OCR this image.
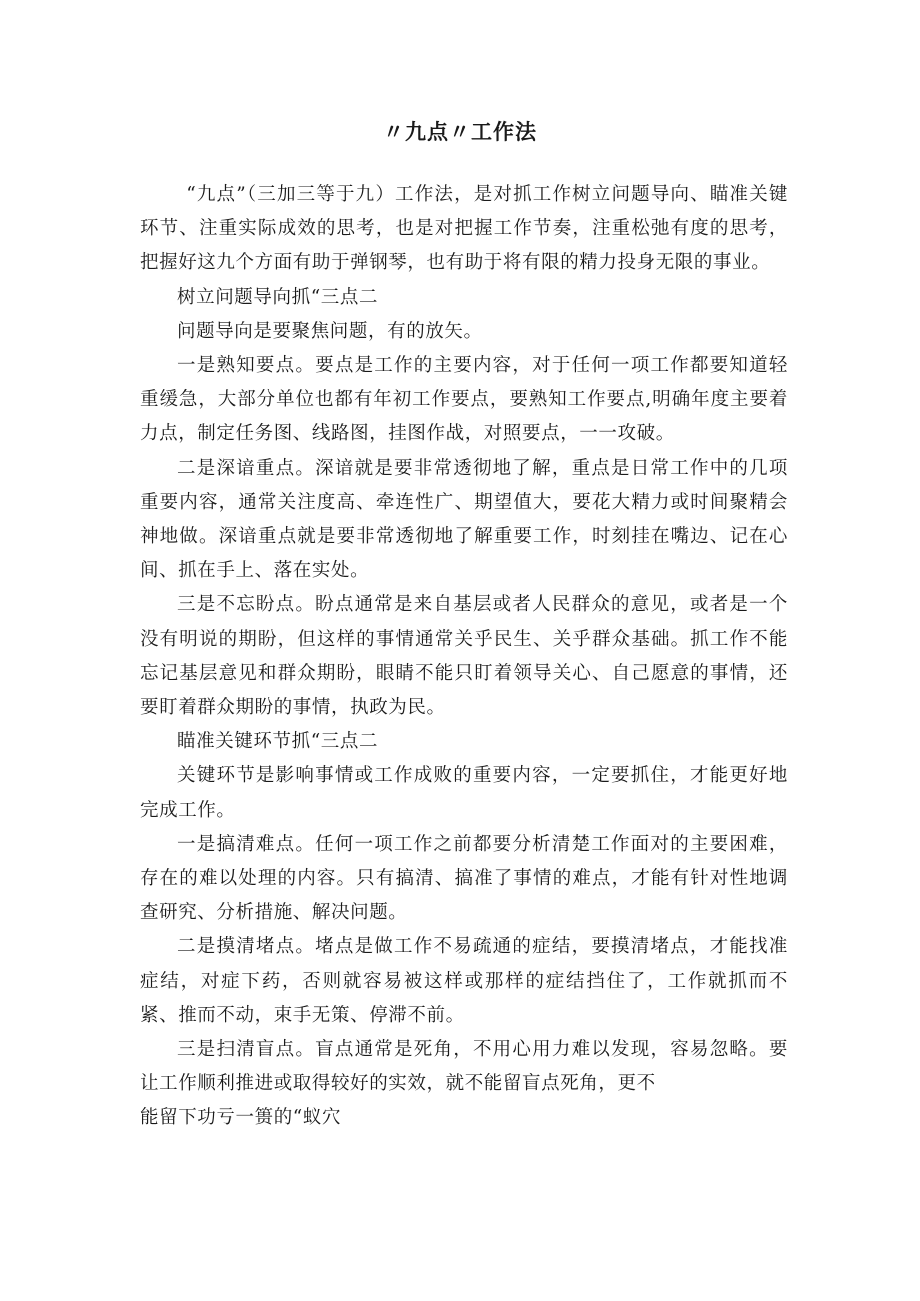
〃九点〃工作法

“九点”（三加三等于九）工作法，是对抓工作树立问题导向、瞄准关键环节、注重实际成效的思考，也是对把握工作节奏，注重松弛有度的思考，把握好这九个方面有助于弹钢琴，也有助于将有限的精力投身无限的事业。

树立问题导向抓“三点二

问题导向是要聚焦问题，有的放矢。

一是熟知要点。要点是工作的主要内容，对于任何一项工作都要知道轻重缓急，大部分单位也都有年初工作要点，要熟知工作要点,明确年度主要着力点，制定任务图、线路图，挂图作战，对照要点，一一攻破。

二是深谙重点。深谙就是要非常透彻地了解，重点是日常工作中的几项重要内容，通常关注度高、牵连性广、期望值大，要花大精力或时间聚精会神地做。深谙重点就是要非常透彻地了解重要工作，时刻挂在嘴边、记在心间、抓在手上、落在实处。

三是不忘盼点。盼点通常是来自基层或者人民群众的意见，或者是一个没有明说的期盼，但这样的事情通常关乎民生、关乎群众基础。抓工作不能忘记基层意见和群众期盼，眼睛不能只盯着领导关心、自己愿意的事情，还要盯着群众期盼的事情，执政为民。

瞄准关键环节抓“三点二

关键环节是影响事情或工作成败的重要内容，一定要抓住，才能更好地完成工作。

一是搞清难点。任何一项工作之前都要分析清楚工作面对的主要困难，存在的难以处理的内容。只有搞清、搞准了事情的难点，才能有针对性地调查研究、分析措施、解决问题。

二是摸清堵点。堵点是做工作不易疏通的症结，要摸清堵点，才能找准症结，对症下药，否则就容易被这样或那样的症结挡住了，工作就抓而不紧、推而不动，束手无策、停滞不前。

三是扫清盲点。盲点通常是死角，不用心用力难以发现，容易忽略。要让工作顺利推进或取得较好的实效，就不能留盲点死角，更不

能留下功亏一篑的“蚁穴
